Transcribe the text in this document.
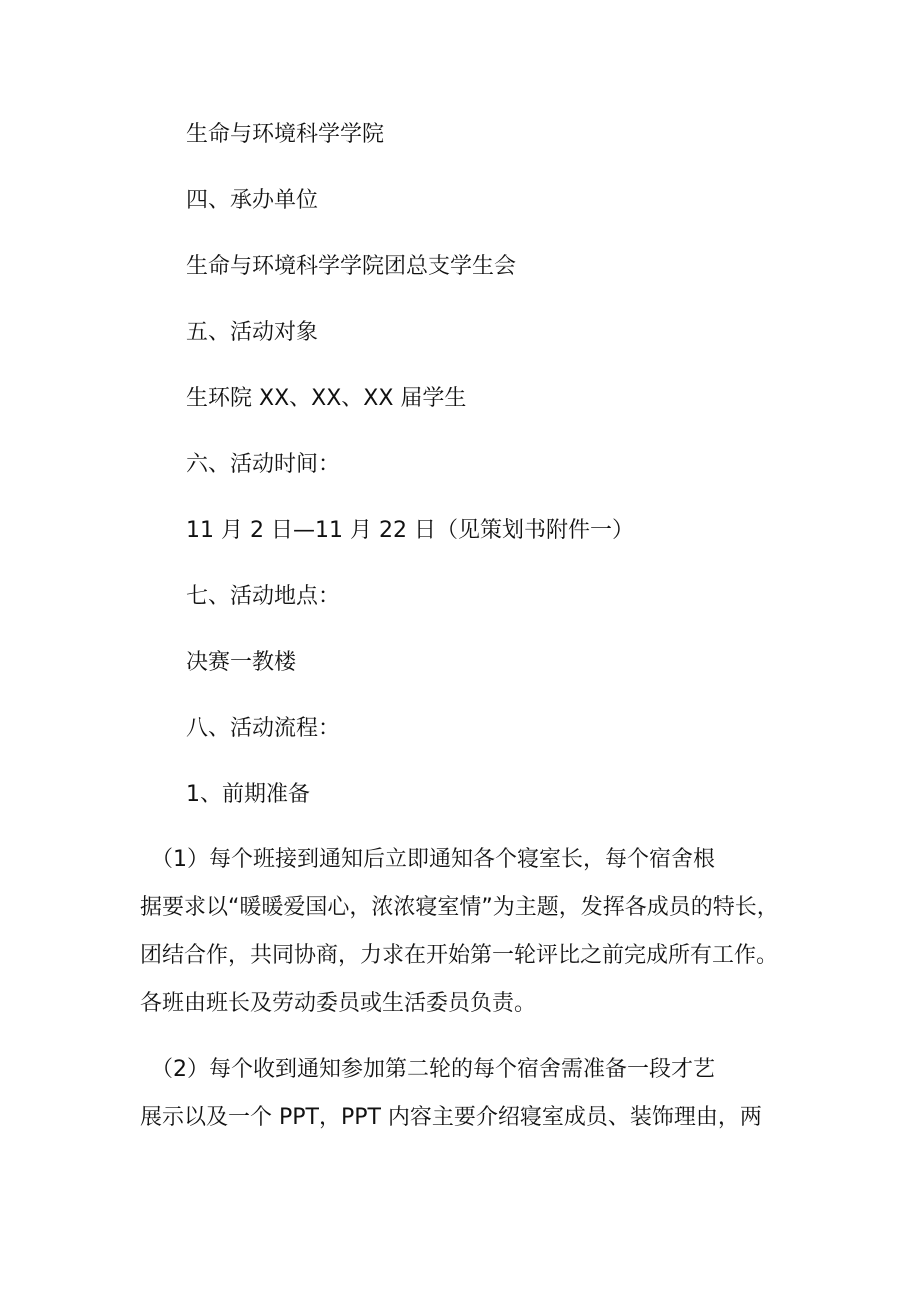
生命与环境科学学院
四、承办单位
生命与环境科学学院团总支学生会
五、活动对象
生环院 XX、XX、XX 届学生
六、活动时间：
11 月 2 日—11 月 22 日（见策划书附件一）
七、活动地点：
决赛一教楼
八、活动流程：
1、前期准备
　（1）每个班接到通知后立即通知各个寝室长，每个宿舍根
据要求以“暖暖爱国心，浓浓寝室情”为主题，发挥各成员的特长，
团结合作，共同协商，力求在开始第一轮评比之前完成所有工作。
各班由班长及劳动委员或生活委员负责。
　（2）每个收到通知参加第二轮的每个宿舍需准备一段才艺
展示以及一个 PPT，PPT 内容主要介绍寝室成员、装饰理由，两
